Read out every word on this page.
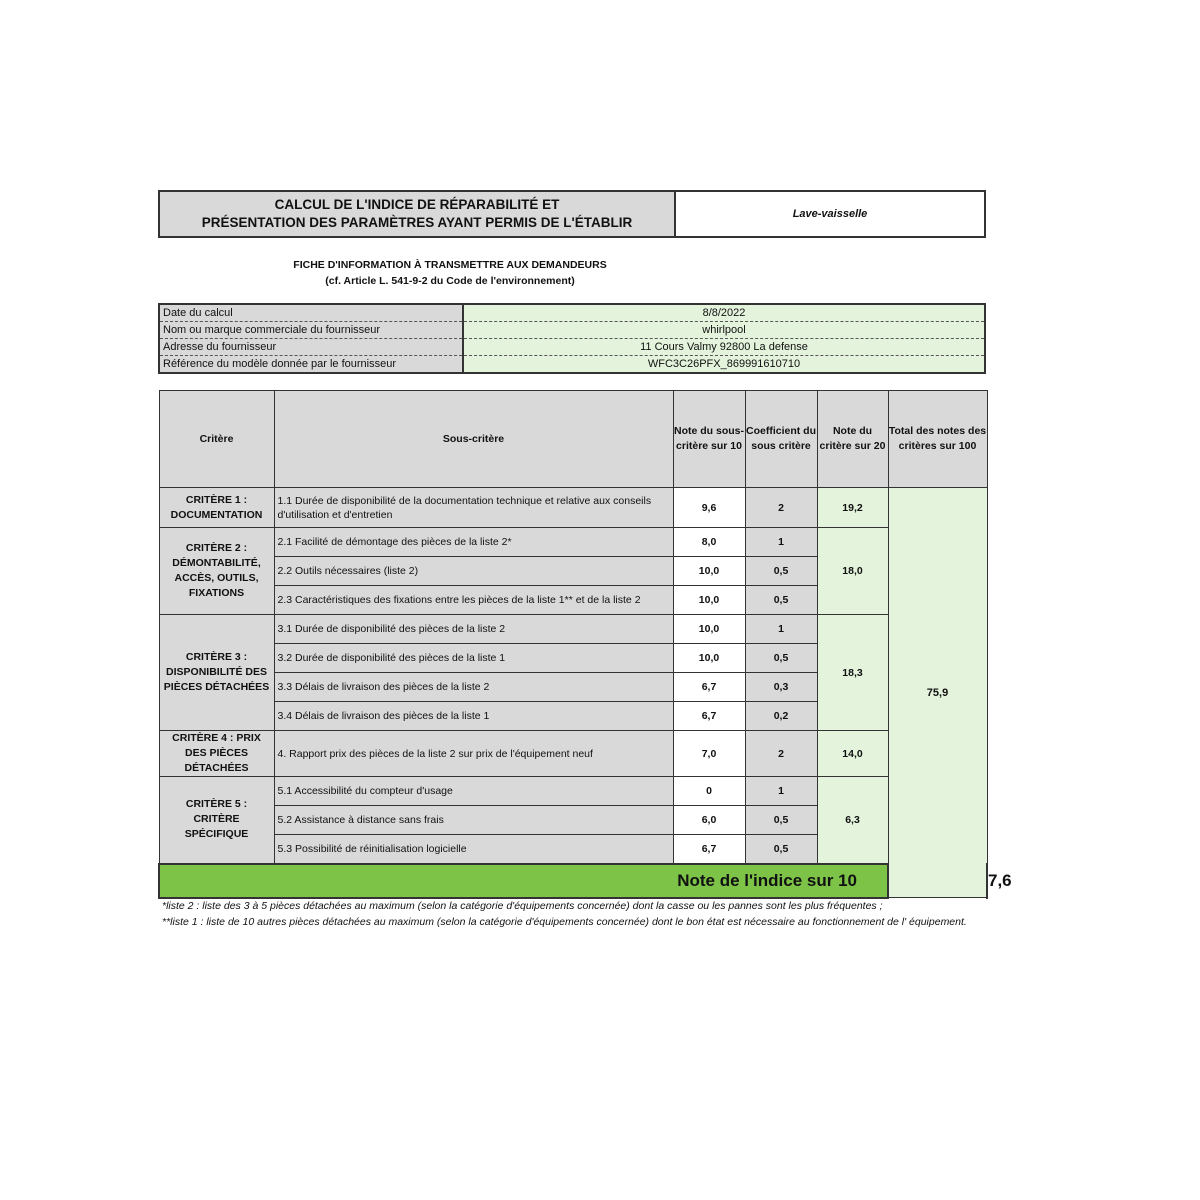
CALCUL DE L'INDICE DE RÉPARABILITÉ ET
PRÉSENTATION DES PARAMÈTRES AYANT PERMIS DE L'ÉTABLIR
Lave-vaisselle
FICHE D'INFORMATION À TRANSMETTRE AUX DEMANDEURS
(cf. Article L. 541-9-2 du Code de l'environnement)
Date du calcul	8/8/2022
Nom ou marque commerciale du fournisseur	whirlpool
Adresse du fournisseur	11 Cours Valmy 92800 La defense
Référence du modèle donnée par le fournisseur	WFC3C26PFX_869991610710
Critère	Sous-critère	Note du sous-critère sur 10	Coefficient du sous critère	Note du critère sur 20	Total des notes des critères sur 100	
CRITÈRE 1 : DOCUMENTATION	1.1 Durée de disponibilité de la documentation technique et relative aux conseils d'utilisation et d'entretien	9,6	2	19,2	75,9	
CRITÈRE 2 : DÉMONTABILITÉ, ACCÈS, OUTILS, FIXATIONS	2.1 Facilité de démontage des pièces de la liste 2*	8,0	1	18,0		
	2.2 Outils nécessaires (liste 2)	10,0	0,5			
	2.3 Caractéristiques des fixations entre les pièces de la liste 1** et de la liste 2	10,0	0,5			
CRITÈRE 3 : DISPONIBILITÉ DES PIÈCES DÉTACHÉES	3.1 Durée de disponibilité des pièces de la liste 2	10,0	1	18,3		
	3.2 Durée de disponibilité des pièces de la liste 1	10,0	0,5			
	3.3 Délais de livraison des pièces de la liste 2	6,7	0,3			
	3.4 Délais de livraison des pièces de la liste 1	6,7	0,2			
CRITÈRE 4 : PRIX DES PIÈCES DÉTACHÉES	4. Rapport prix des pièces de la liste 2 sur prix de l'équipement neuf	7,0	2	14,0		
CRITÈRE 5 : CRITÈRE SPÉCIFIQUE	5.1 Accessibilité du compteur d'usage	0	1	6,3		
	5.2 Assistance à distance sans frais	6,0	0,5			
	5.3 Possibilité de réinitialisation logicielle	6,7	0,5			
Note de l'indice sur 10						7,6
*liste 2 : liste des 3 à 5 pièces détachées au maximum (selon la catégorie d'équipements concernée) dont la casse ou les pannes sont les plus fréquentes ;
**liste 1 : liste de 10 autres pièces détachées au maximum (selon la catégorie d'équipements concernée) dont le bon état est nécessaire au fonctionnement de l' équipement.
